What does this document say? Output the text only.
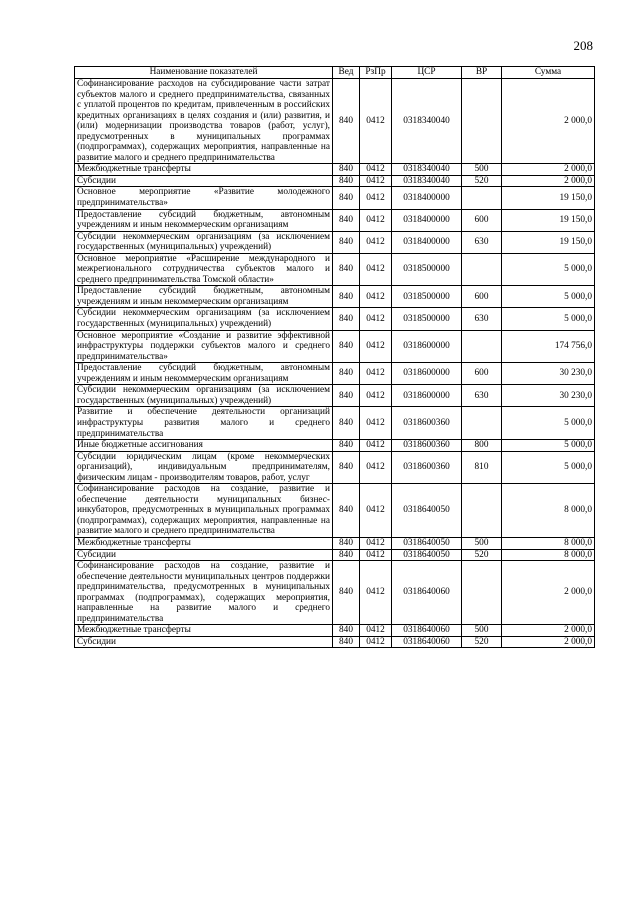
208
Наименование показателей	Вед	РзПр	ЦСР	ВР	Сумма
Софинансирование расходов на субсидирование части затрат субъектов малого и среднего предпринимательства, связанных с уплатой процентов по кредитам, привлеченным в российских кредитных организациях в целях создания и (или) развития, и (или) модернизации производства товаров (работ, услуг), предусмотренных в муниципальных программах (подпрограммах), содержащих мероприятия, направленные на развитие малого и среднего предпринимательства	840	0412	0318340040		2 000,0
Межбюджетные трансферты	840	0412	0318340040	500	2 000,0
Субсидии	840	0412	0318340040	520	2 000,0
Основное мероприятие «Развитие молодежного предпринимательства»	840	0412	0318400000		19 150,0
Предоставление субсидий бюджетным, автономным учреждениям и иным некоммерческим организациям	840	0412	0318400000	600	19 150,0
Субсидии некоммерческим организациям (за исключением государственных (муниципальных) учреждений)	840	0412	0318400000	630	19 150,0
Основное мероприятие «Расширение международного и межрегионального сотрудничества субъектов малого и среднего предпринимательства Томской области»	840	0412	0318500000		5 000,0
Предоставление субсидий бюджетным, автономным учреждениям и иным некоммерческим организациям	840	0412	0318500000	600	5 000,0
Субсидии некоммерческим организациям (за исключением государственных (муниципальных) учреждений)	840	0412	0318500000	630	5 000,0
Основное мероприятие «Создание и развитие эффективной инфраструктуры поддержки субъектов малого и среднего предпринимательства»	840	0412	0318600000		174 756,0
Предоставление субсидий бюджетным, автономным учреждениям и иным некоммерческим организациям	840	0412	0318600000	600	30 230,0
Субсидии некоммерческим организациям (за исключением государственных (муниципальных) учреждений)	840	0412	0318600000	630	30 230,0
Развитие и обеспечение деятельности организаций инфраструктуры развития малого и среднего предпринимательства	840	0412	0318600360		5 000,0
Иные бюджетные ассигнования	840	0412	0318600360	800	5 000,0
Субсидии юридическим лицам (кроме некоммерческих организаций), индивидуальным предпринимателям, физическим лицам - производителям товаров, работ, услуг	840	0412	0318600360	810	5 000,0
Софинансирование расходов на создание, развитие и обеспечение деятельности муниципальных бизнес-инкубаторов, предусмотренных в муниципальных программах (подпрограммах), содержащих мероприятия, направленные на развитие малого и среднего предпринимательства	840	0412	0318640050		8 000,0
Межбюджетные трансферты	840	0412	0318640050	500	8 000,0
Субсидии	840	0412	0318640050	520	8 000,0
Софинансирование расходов на создание, развитие и обеспечение деятельности муниципальных центров поддержки предпринимательства, предусмотренных в муниципальных программах (подпрограммах), содержащих мероприятия, направленные на развитие малого и среднего предпринимательства	840	0412	0318640060		2 000,0
Межбюджетные трансферты	840	0412	0318640060	500	2 000,0
Субсидии	840	0412	0318640060	520	2 000,0
